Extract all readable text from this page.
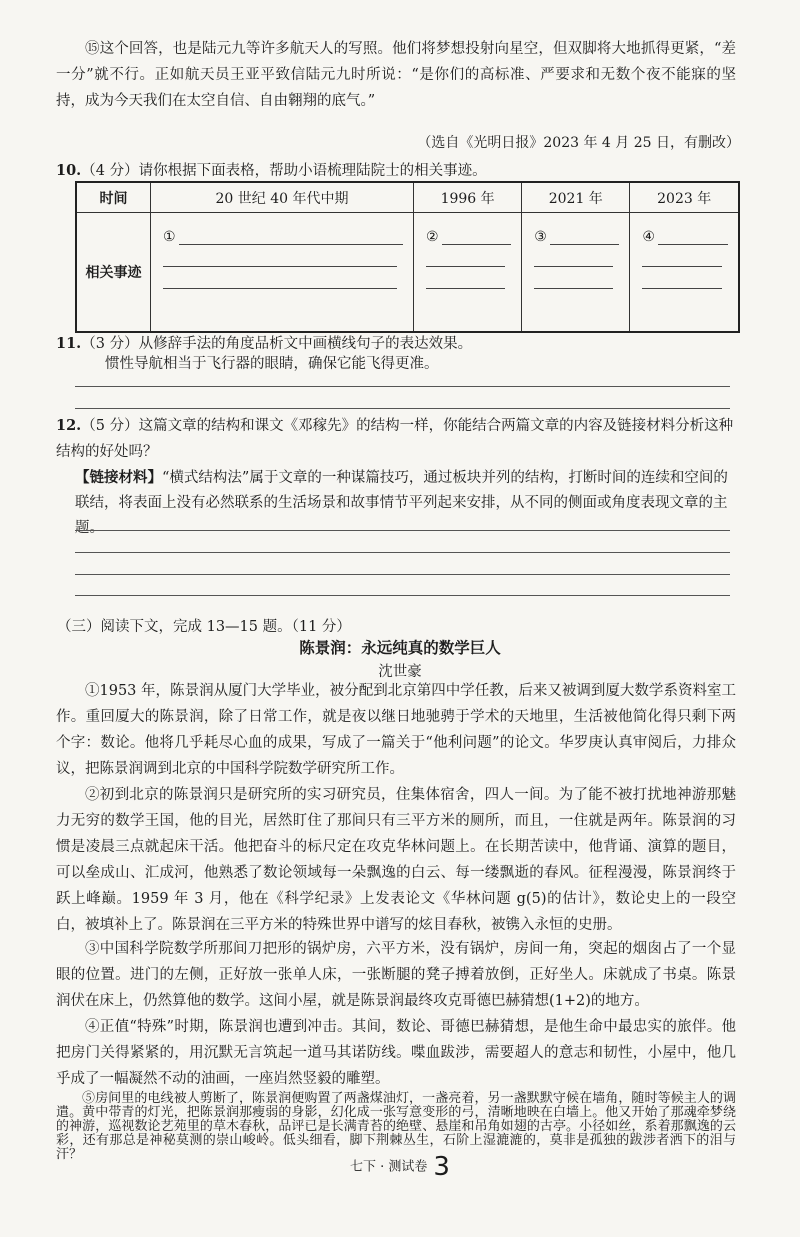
⑮这个回答，也是陆元九等许多航天人的写照。他们将梦想投射向星空，但双脚将大地抓得更紧，“差一分”就不行。正如航天员王亚平致信陆元九时所说：“是你们的高标准、严要求和无数个夜不能寐的坚持，成为今天我们在太空自信、自由翱翔的底气。”

（选自《光明日报》2023 年 4 月 25 日，有删改）

10.（4 分）请你根据下面表格，帮助小语梳理陆院士的相关事迹。

时间	20 世纪 40 年代中期	1996 年	2021 年	2023 年
相关事迹	①	②	③	④

11.（3 分）从修辞手法的角度品析文中画横线句子的表达效果。

惯性导航相当于飞行器的眼睛，确保它能飞得更准。

12.（5 分）这篇文章的结构和课文《邓稼先》的结构一样，你能结合两篇文章的内容及链接材料分析这种结构的好处吗？

【链接材料】“横式结构法”属于文章的一种谋篇技巧，通过板块并列的结构，打断时间的连续和空间的联结，将表面上没有必然联系的生活场景和故事情节平列起来安排，从不同的侧面或角度表现文章的主题。

（三）阅读下文，完成 13—15 题。（11 分）
陈景润：永远纯真的数学巨人
沈世豪

①1953 年，陈景润从厦门大学毕业，被分配到北京第四中学任教，后来又被调到厦大数学系资料室工作。重回厦大的陈景润，除了日常工作，就是夜以继日地驰骋于学术的天地里，生活被他简化得只剩下两个字：数论。他将几乎耗尽心血的成果，写成了一篇关于“他利问题”的论文。华罗庚认真审阅后，力排众议，把陈景润调到北京的中国科学院数学研究所工作。

②初到北京的陈景润只是研究所的实习研究员，住集体宿舍，四人一间。为了能不被打扰地神游那魅力无穷的数学王国，他的目光，居然盯住了那间只有三平方米的厕所，而且，一住就是两年。陈景润的习惯是凌晨三点就起床干活。他把奋斗的标尺定在攻克华林问题上。在长期苦读中，他背诵、演算的题目，可以垒成山、汇成河，他熟悉了数论领域每一朵飘逸的白云、每一缕飘逝的春风。征程漫漫，陈景润终于跃上峰巅。1959 年 3 月，他在《科学纪录》上发表论文《华林问题 g(5)的估计》，数论史上的一段空白，被填补上了。陈景润在三平方米的特殊世界中谱写的炫目春秋，被镌入永恒的史册。

③中国科学院数学所那间刀把形的锅炉房，六平方米，没有锅炉，房间一角，突起的烟囱占了一个显眼的位置。进门的左侧，正好放一张单人床，一张断腿的凳子搏着放倒，正好坐人。床就成了书桌。陈景润伏在床上，仍然算他的数学。这间小屋，就是陈景润最终攻克哥德巴赫猜想(1+2)的地方。

④正值“特殊”时期，陈景润也遭到冲击。其间，数论、哥德巴赫猜想，是他生命中最忠实的旅伴。他把房门关得紧紧的，用沉默无言筑起一道马其诺防线。喋血跋涉，需要超人的意志和韧性，小屋中，他几乎成了一幅凝然不动的油画，一座岿然竖毅的雕塑。

⑤房间里的电线被人剪断了，陈景润便购置了两盏煤油灯，一盏亮着，另一盏默默守候在墙角，随时等候主人的调遣。黄中带青的灯光，把陈景润那瘦弱的身影，幻化成一张写意变形的弓，清晰地映在白墙上。他又开始了那魂牵梦绕的神游，巡视数论艺苑里的草木春秋，品评已是长满青苔的绝壁、悬崖和吊角如翅的古亭。小径如丝，系着那飘逸的云彩，还有那总是神秘莫测的崇山峻岭。低头细看，脚下荆棘丛生，石阶上湿漉漉的，莫非是孤独的跋涉者洒下的泪与汗？

七下 · 测试卷 3
